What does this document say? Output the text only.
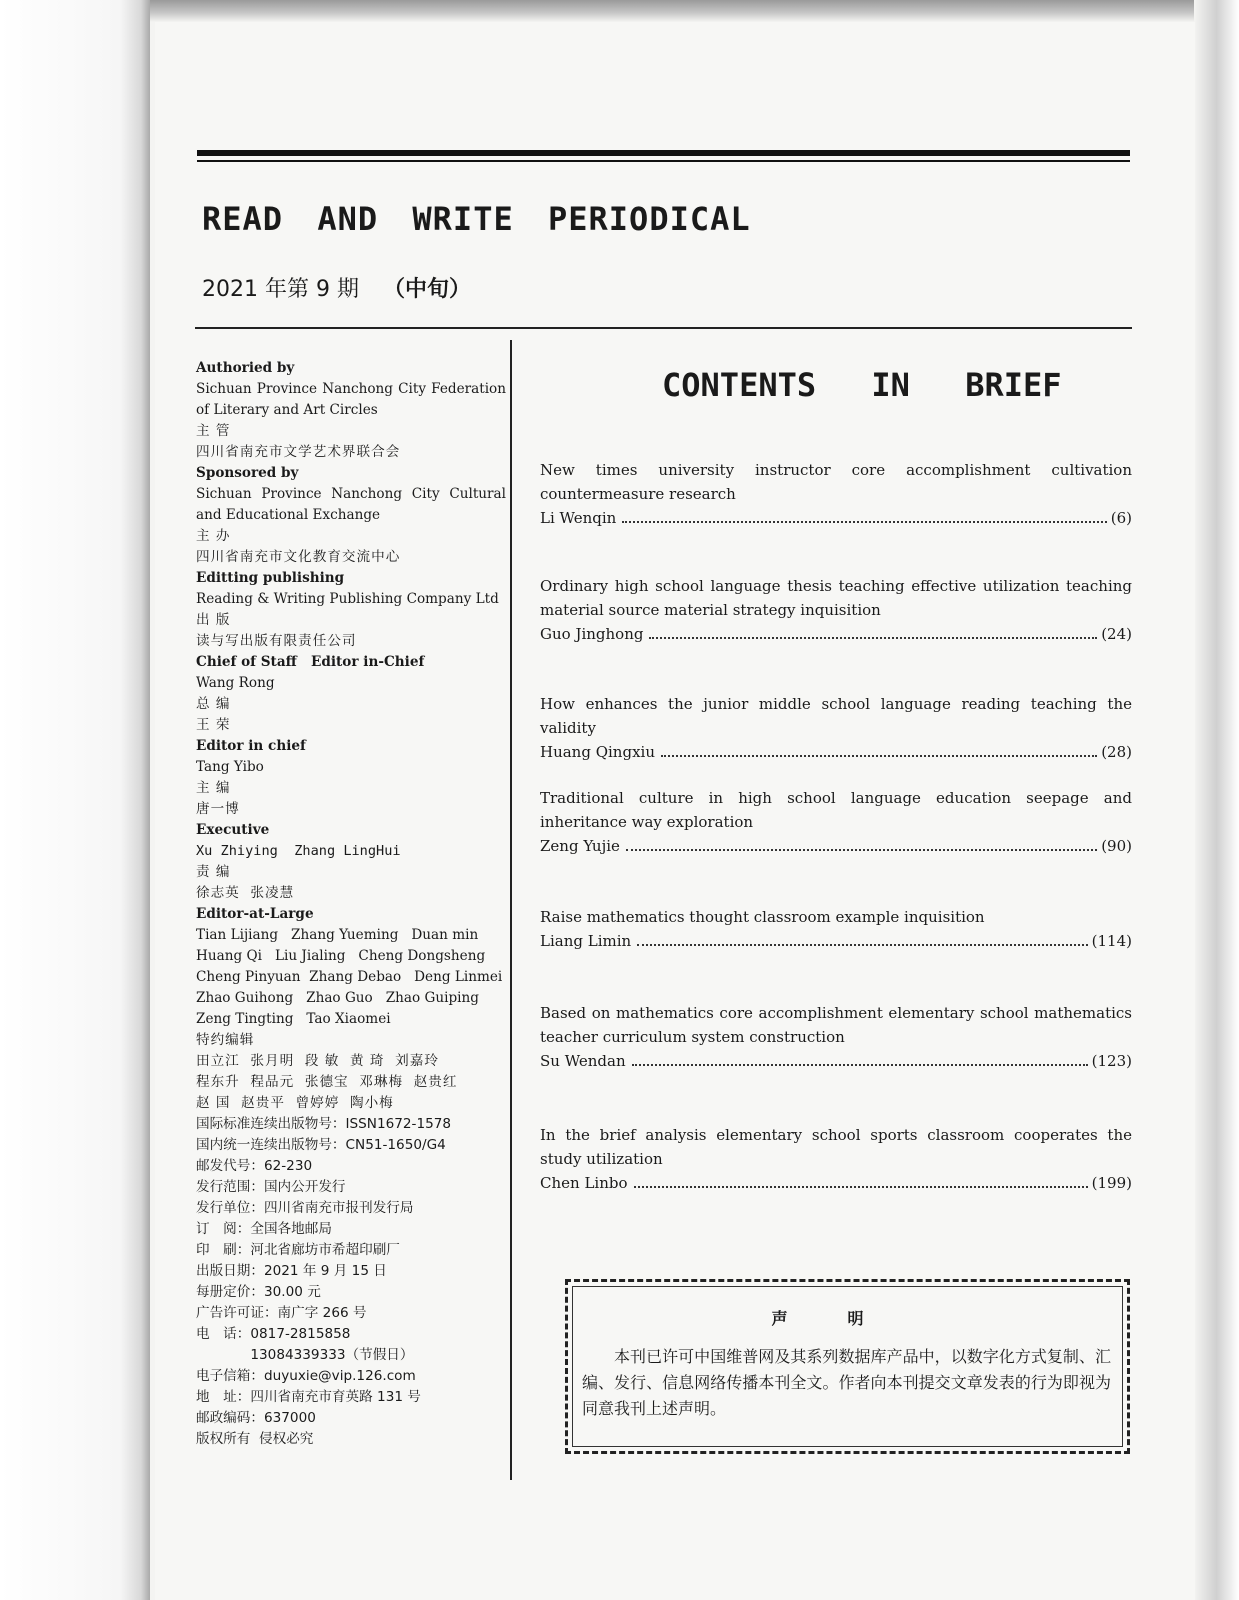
READ AND WRITE PERIODICAL
2021 年第 9 期 （中旬）
Authoried by
Sichuan Province Nanchong City Federation of Literary and Art Circles
主 管
四川省南充市文学艺术界联合会
Sponsored by
Sichuan Province Nanchong City Cultural and Educational Exchange
主 办
四川省南充市文化教育交流中心
Editting publishing
Reading & Writing Publishing Company Ltd
出 版
读与写出版有限责任公司
Chief of Staff   Editor in-Chief
Wang Rong
总 编
王 荣
Editor in chief
Tang Yibo
主 编
唐一博
Executive
Xu Zhiying  Zhang LingHui
责 编
徐志英  张凌慧
Editor-at-Large
Tian Lijiang   Zhang Yueming   Duan min
Huang Qi   Liu Jialing   Cheng Dongsheng
Cheng Pinyuan  Zhang Debao   Deng Linmei
Zhao Guihong   Zhao Guo   Zhao Guiping
Zeng Tingting   Tao Xiaomei
特约编辑
田立江  张月明  段 敏  黄 琦  刘嘉玲
程东升  程品元  张德宝  邓琳梅  赵贵红
赵 国  赵贵平  曾婷婷  陶小梅
国际标准连续出版物号：ISSN1672-1578
国内统一连续出版物号：CN51-1650/G4
邮发代号：62-230
发行范围：国内公开发行
发行单位：四川省南充市报刊发行局
订　阅：全国各地邮局
印　刷：河北省廊坊市希超印刷厂
出版日期：2021 年 9 月 15 日
每册定价：30.00 元
广告许可证：南广字 266 号
电　话：0817-2815858
　　　　13084339333（节假日）
电子信箱：duyuxie@vip.126.com
地　址：四川省南充市育英路 131 号
邮政编码：637000
版权所有  侵权必究
CONTENTS IN BRIEF
New times university instructor core accomplishment cultivation countermeasure research
Li Wenqin	(6)
Ordinary high school language thesis teaching effective utilization teaching material source material strategy inquisition
Guo Jinghong	(24)
How enhances the junior middle school language reading teaching the validity
Huang Qingxiu	(28)
Traditional culture in high school language education seepage and inheritance way exploration
Zeng Yujie	(90)
Raise mathematics thought classroom example inquisition
Liang Limin	(114)
Based on mathematics core accomplishment elementary school mathematics teacher curriculum system construction
Su Wendan	(123)
In the brief analysis elementary school sports classroom cooperates the study utilization
Chen Linbo	(199)
声明
本刊已许可中国维普网及其系列数据库产品中，以数字化方式复制、汇编、发行、信息网络传播本刊全文。作者向本刊提交文章发表的行为即视为同意我刊上述声明。
